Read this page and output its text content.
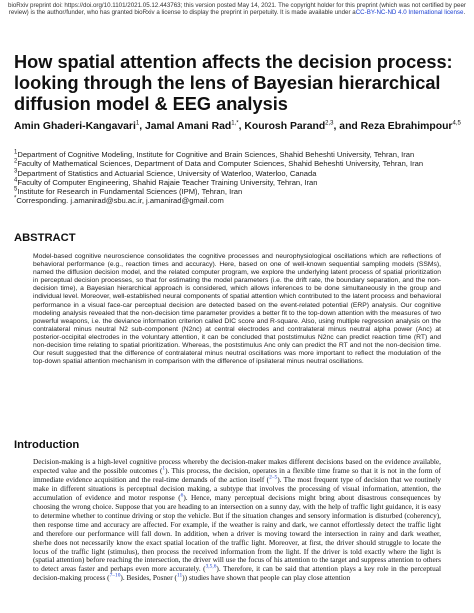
bioRxiv preprint doi: https://doi.org/10.1101/2021.05.12.443763; this version posted May 14, 2021. The copyright holder for this preprint (which was not certified by peer review) is the author/funder, who has granted bioRxiv a license to display the preprint in perpetuity. It is made available under aCC-BY-NC-ND 4.0 International license.
How spatial attention affects the decision process: looking through the lens of Bayesian hierarchical diffusion model & EEG analysis
Amin Ghaderi-Kangavari$^1$, Jamal Amani Rad$^{1,*}$, Kourosh Parand$^{2,3}$, and Reza Ebrahimpour$^{4,5}$

$^1$Department of Cognitive Modeling, Institute for Cognitive and Brain Sciences, Shahid Beheshti University, Tehran, Iran

$^2$Faculty of Mathematical Sciences, Department of Data and Computer Sciences, Shahid Beheshti University, Tehran, Iran

$^3$Department of Statistics and Actuarial Science, University of Waterloo, Waterloo, Canada

$^4$Faculty of Computer Engineering, Shahid Rajaie Teacher Training University, Tehran, Iran

$^5$Institute for Research in Fundamental Sciences (IPM), Tehran, Iran

*Corresponding. j.amanirad@sbu.ac.ir, j.amanirad@gmail.com

ABSTRACT

Model-based cognitive neuroscience consolidates the cognitive processes and neurophysiological oscillations which are reflections of behavioral performance (e.g., reaction times and accuracy). Here, based on one of well-known sequential sampling models (SSMs), named the diffusion decision model, and the related computer program, we explore the underlying latent process of spatial prioritization in perceptual decision processes, so that for estimating the model parameters (i.e. the drift rate, the boundary separation, and the non-decision time), a Bayesian hierarchical approach is considered, which allows inferences to be done simultaneously in the group and individual level. Moreover, well-established neural components of spatial attention which contributed to the latent process and behavioral performance in a visual face-car perceptual decision are detected based on the event-related potential (ERP) analysis. Our cognitive modeling analysis revealed that the non-decision time parameter provides a better fit to the top-down attention with the measures of two powerful weapons, i.e. the deviance information criterion called DIC score and R-square. Also, using multiple regression analysis on the contralateral minus neutral N2 sub-component (N2nc) at central electrodes and contralateral minus neutral alpha power (Anc) at posterior-occipital electrodes in the voluntary attention, it can be concluded that poststimulus N2nc can predict reaction time (RT) and non-decision time relating to spatial prioritization. Whereas, the poststimulus Anc only can predict the RT and not the non-decision time. Our result suggested that the difference of contralateral minus neutral oscillations was more important to reflect the modulation of the top-down spatial attention mechanism in comparison with the difference of ipsilateral minus neutral oscillations.

Introduction

Decision-making is a high-level cognitive process whereby the decision-maker makes different decisions based on the evidence available, expected value and the possible outcomes ($^1$). This process, the decision, operates in a flexible time frame so that it is not in the form of immediate evidence acquisition and the real-time demands of the action itself ($^{2-5}$). The most frequent type of decision that we routinely make in different situations is perceptual decision making, a subtype that involves the processing of visual information, attention, the accumulation of evidence and motor response ($^6$). Hence, many perceptual decisions might bring about disastrous consequences by choosing the wrong choice. Suppose that you are heading to an intersection on a sunny day, with the help of traffic light guidance, it is easy to determine whether to continue driving or stop the vehicle. But if the situation changes and sensory information is disturbed (coherency), then response time and accuracy are affected. For example, if the weather is rainy and dark, we cannot effortlessly detect the traffic light and therefore our performance will fall down. In addition, when a driver is moving toward the intersection in rainy and dark weather, she/he does not necessarily know the exact spatial location of the traffic light. Moreover, at first, the driver should struggle to locate the locus of the traffic light (stimulus), then process the received information from the light. If the driver is told exactly where the light is (spatial attention) before reaching the intersection, the driver will use the focus of his attention to the target and suppress attention to others to detect areas faster and perhaps even more accurately. ($^{3,5,6}$). Therefore, it can be said that attention plays a key role in the perceptual decision-making process ($^{7-10}$). Besides, Posner ($^{11}$)) studies have shown that people can play close attention
